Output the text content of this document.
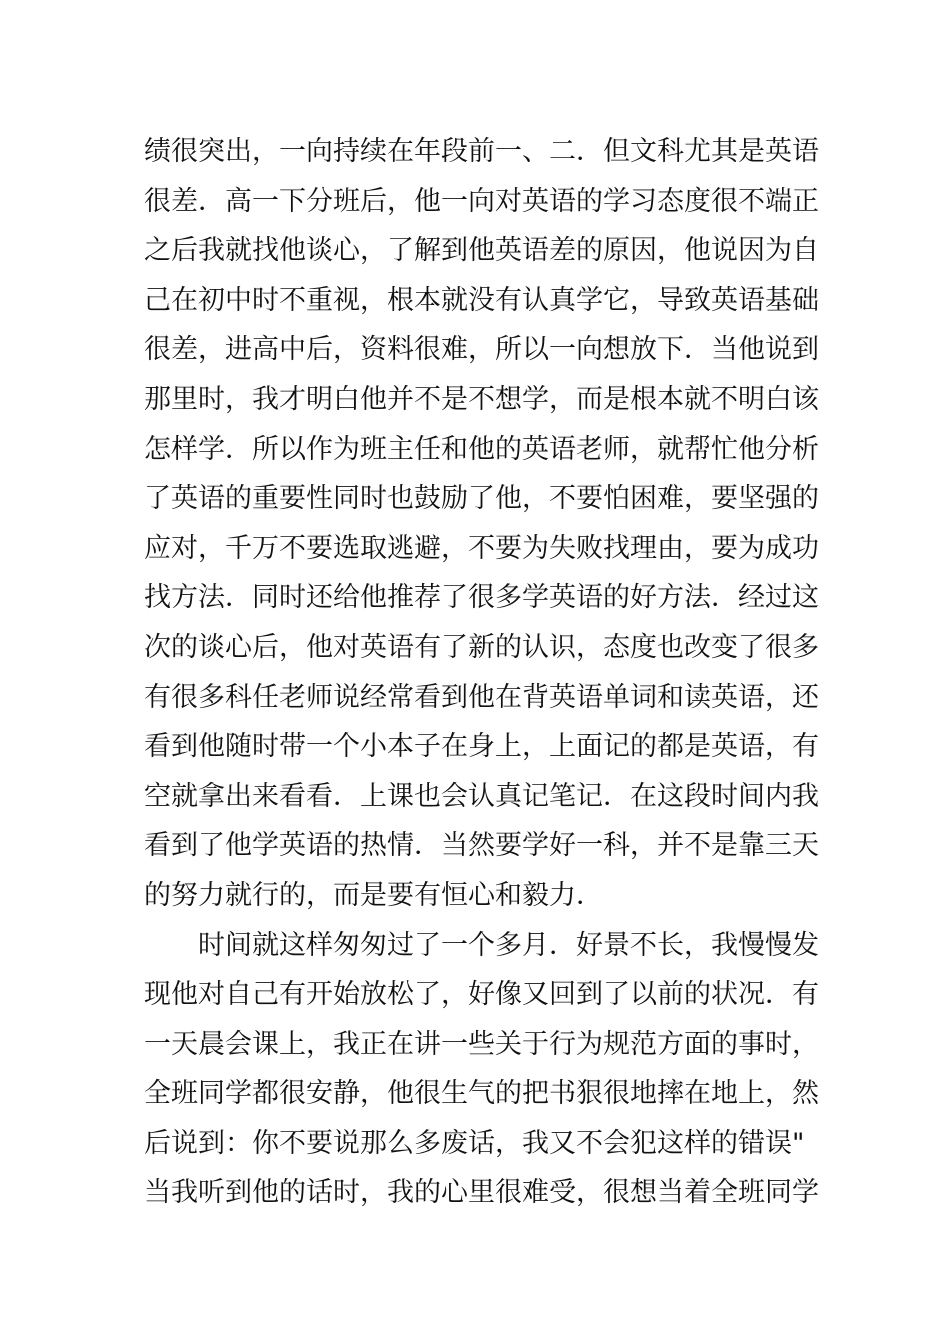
绩很突出，一向持续在年段前一、二．但文科尤其是英语
很差．高一下分班后，他一向对英语的学习态度很不端正
之后我就找他谈心，了解到他英语差的原因，他说因为自
己在初中时不重视，根本就没有认真学它，导致英语基础
很差，进高中后，资料很难，所以一向想放下．当他说到
那里时，我才明白他并不是不想学，而是根本就不明白该
怎样学．所以作为班主任和他的英语老师，就帮忙他分析
了英语的重要性同时也鼓励了他，不要怕困难，要坚强的
应对，千万不要选取逃避，不要为失败找理由，要为成功
找方法．同时还给他推荐了很多学英语的好方法．经过这
次的谈心后，他对英语有了新的认识，态度也改变了很多
有很多科任老师说经常看到他在背英语单词和读英语，还
看到他随时带一个小本子在身上，上面记的都是英语，有
空就拿出来看看．上课也会认真记笔记．在这段时间内我
看到了他学英语的热情．当然要学好一科，并不是靠三天
的努力就行的，而是要有恒心和毅力．
时间就这样匆匆过了一个多月．好景不长，我慢慢发
现他对自己有开始放松了，好像又回到了以前的状况．有
一天晨会课上，我正在讲一些关于行为规范方面的事时，
全班同学都很安静，他很生气的把书狠很地摔在地上，然
后说到：你不要说那么多废话，我又不会犯这样的错误"
当我听到他的话时，我的心里很难受，很想当着全班同学
